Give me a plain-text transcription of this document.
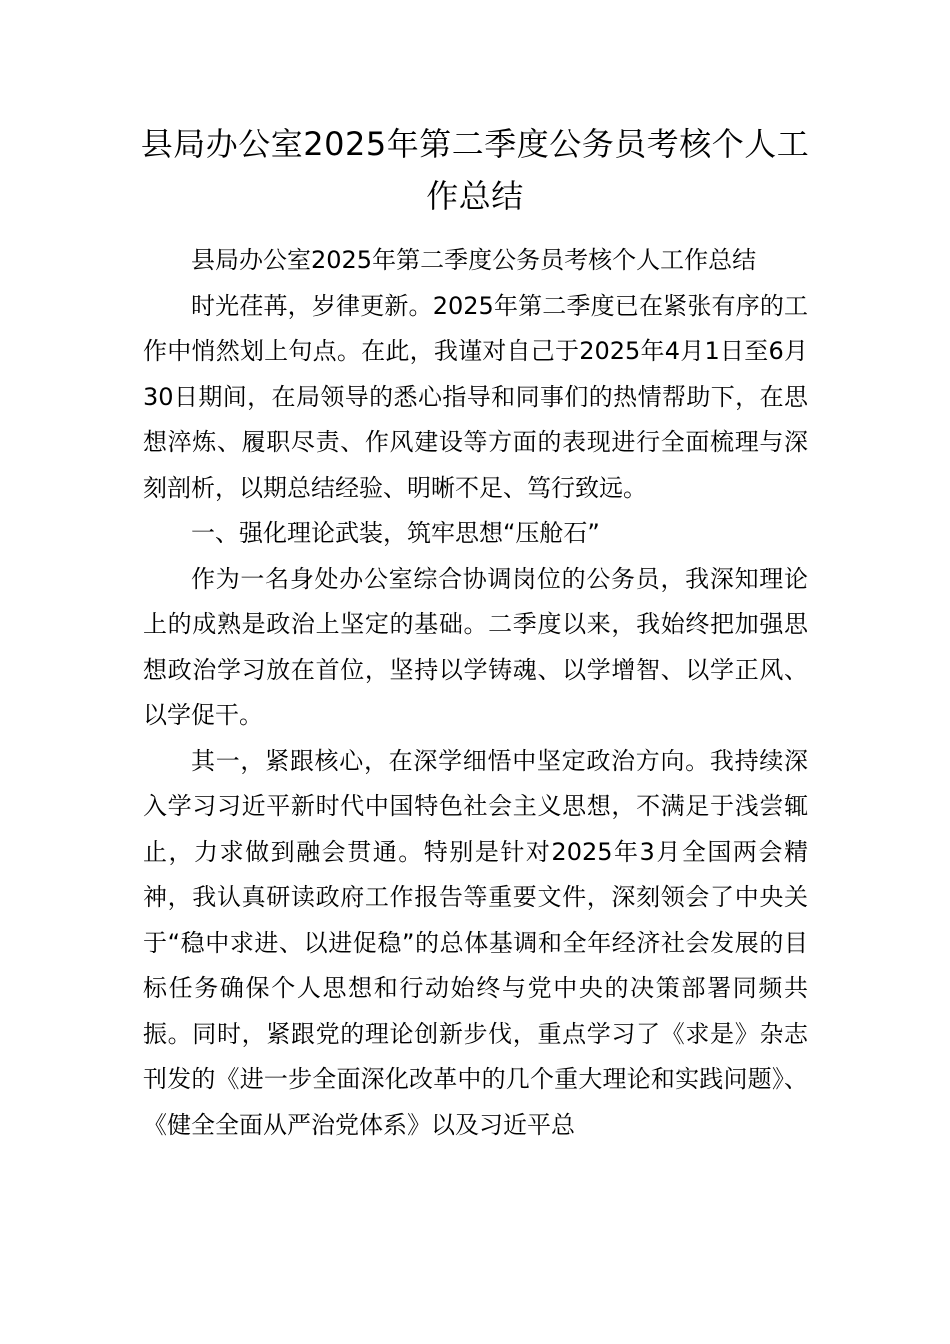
县局办公室2025年第二季度公务员考核个人工作总结

县局办公室2025年第二季度公务员考核个人工作总结

时光荏苒，岁律更新。2025年第二季度已在紧张有序的工作中悄然划上句点。在此，我谨对自己于2025年4月1日至6月30日期间，在局领导的悉心指导和同事们的热情帮助下，在思想淬炼、履职尽责、作风建设等方面的表现进行全面梳理与深刻剖析，以期总结经验、明晰不足、笃行致远。

一、强化理论武装，筑牢思想“压舱石”

作为一名身处办公室综合协调岗位的公务员，我深知理论上的成熟是政治上坚定的基础。二季度以来，我始终把加强思想政治学习放在首位，坚持以学铸魂、以学增智、以学正风、以学促干。

其一，紧跟核心，在深学细悟中坚定政治方向。我持续深入学习习近平新时代中国特色社会主义思想，不满足于浅尝辄止，力求做到融会贯通。特别是针对2025年3月全国两会精神，我认真研读政府工作报告等重要文件，深刻领会了中央关于“稳中求进、以进促稳”的总体基调和全年经济社会发展的目标任务确保个人思想和行动始终与党中央的决策部署同频共振。同时，紧跟党的理论创新步伐，重点学习了《求是》杂志刊发的《进一步全面深化改革中的几个重大理论和实践问题》、《健全全面从严治党体系》以及习近平总
